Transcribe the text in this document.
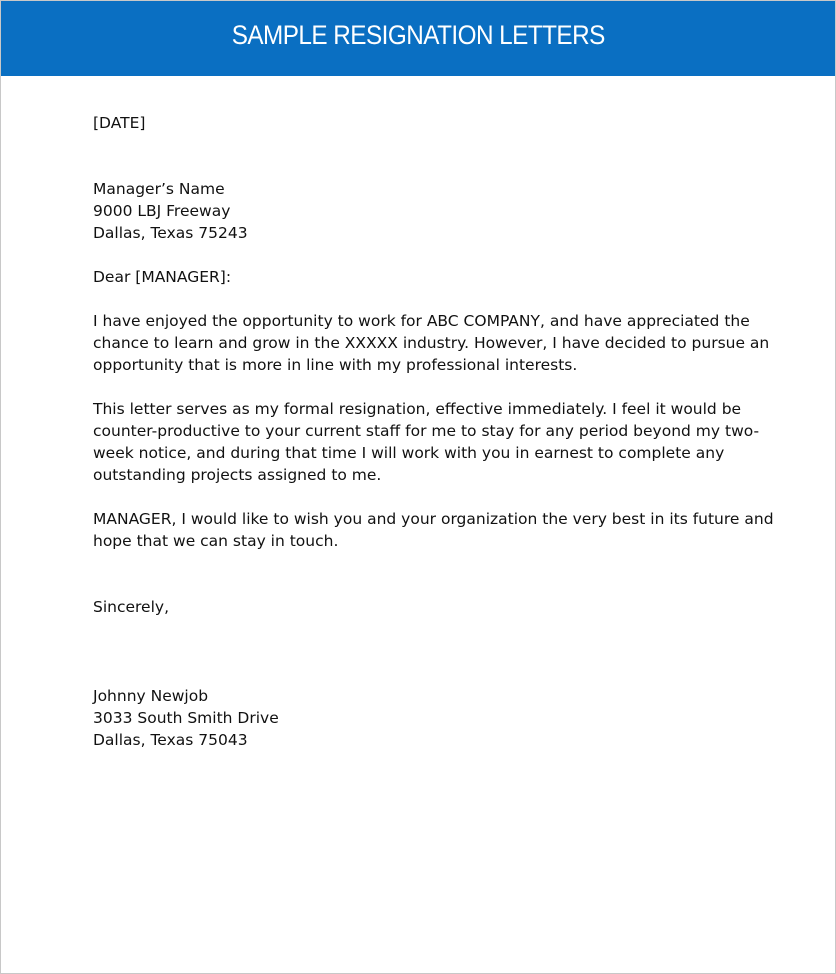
SAMPLE RESIGNATION LETTERS
[DATE]
Manager’s Name
9000 LBJ Freeway
Dallas, Texas 75243
Dear [MANAGER]:
I have enjoyed the opportunity to work for ABC COMPANY, and have appreciated the
chance to learn and grow in the XXXXX industry. However, I have decided to pursue an
opportunity that is more in line with my professional interests.
This letter serves as my formal resignation, effective immediately. I feel it would be
counter-productive to your current staff for me to stay for any period beyond my two-
week notice, and during that time I will work with you in earnest to complete any
outstanding projects assigned to me.
MANAGER, I would like to wish you and your organization the very best in its future and
hope that we can stay in touch.
Sincerely,
Johnny Newjob
3033 South Smith Drive
Dallas, Texas 75043
